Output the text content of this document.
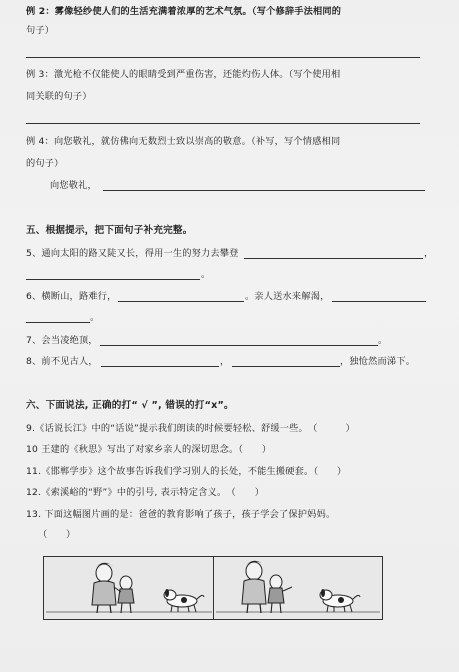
例 2：雾像轻纱使人们的生活充满着浓厚的艺术气氛。（写个修辞手法相同的
句子）
例 3：激光枪不仅能使人的眼睛受到严重伤害，还能灼伤人体。（写个使用相
同关联的句子）
例 4：向您敬礼，就仿佛向无数烈士致以崇高的敬意。（补写，写个情感相同
的句子）
向您敬礼，
五、根据提示，把下面句子补充完整。
5、通向太阳的路又陡又长，得用一生的努力去攀登	，
。
6、横断山，路难行，	。亲人送水来解渴，
。
7、会当凌绝顶，	。
8、前不见古人，	，	，独怆然而涕下。
六、下面说法, 正确的打“ √ ”, 错误的打“x”。
9.《话说长江》中的“话说”提示我们朗读的时候要轻松、舒缓一些。　（　　　）
10 王建的《秋思》写出了对家乡亲人的深切思念。（　　）
11.《邯郸学步》这个故事告诉我们学习别人的长处，不能生搬硬套。（　　）
12.《索溪峪的“野”》中的引号, 表示特定含义。　（　　）
13. 下面这幅图片画的是：爸爸的教育影响了孩子，孩子学会了保护妈妈。
（　　）
